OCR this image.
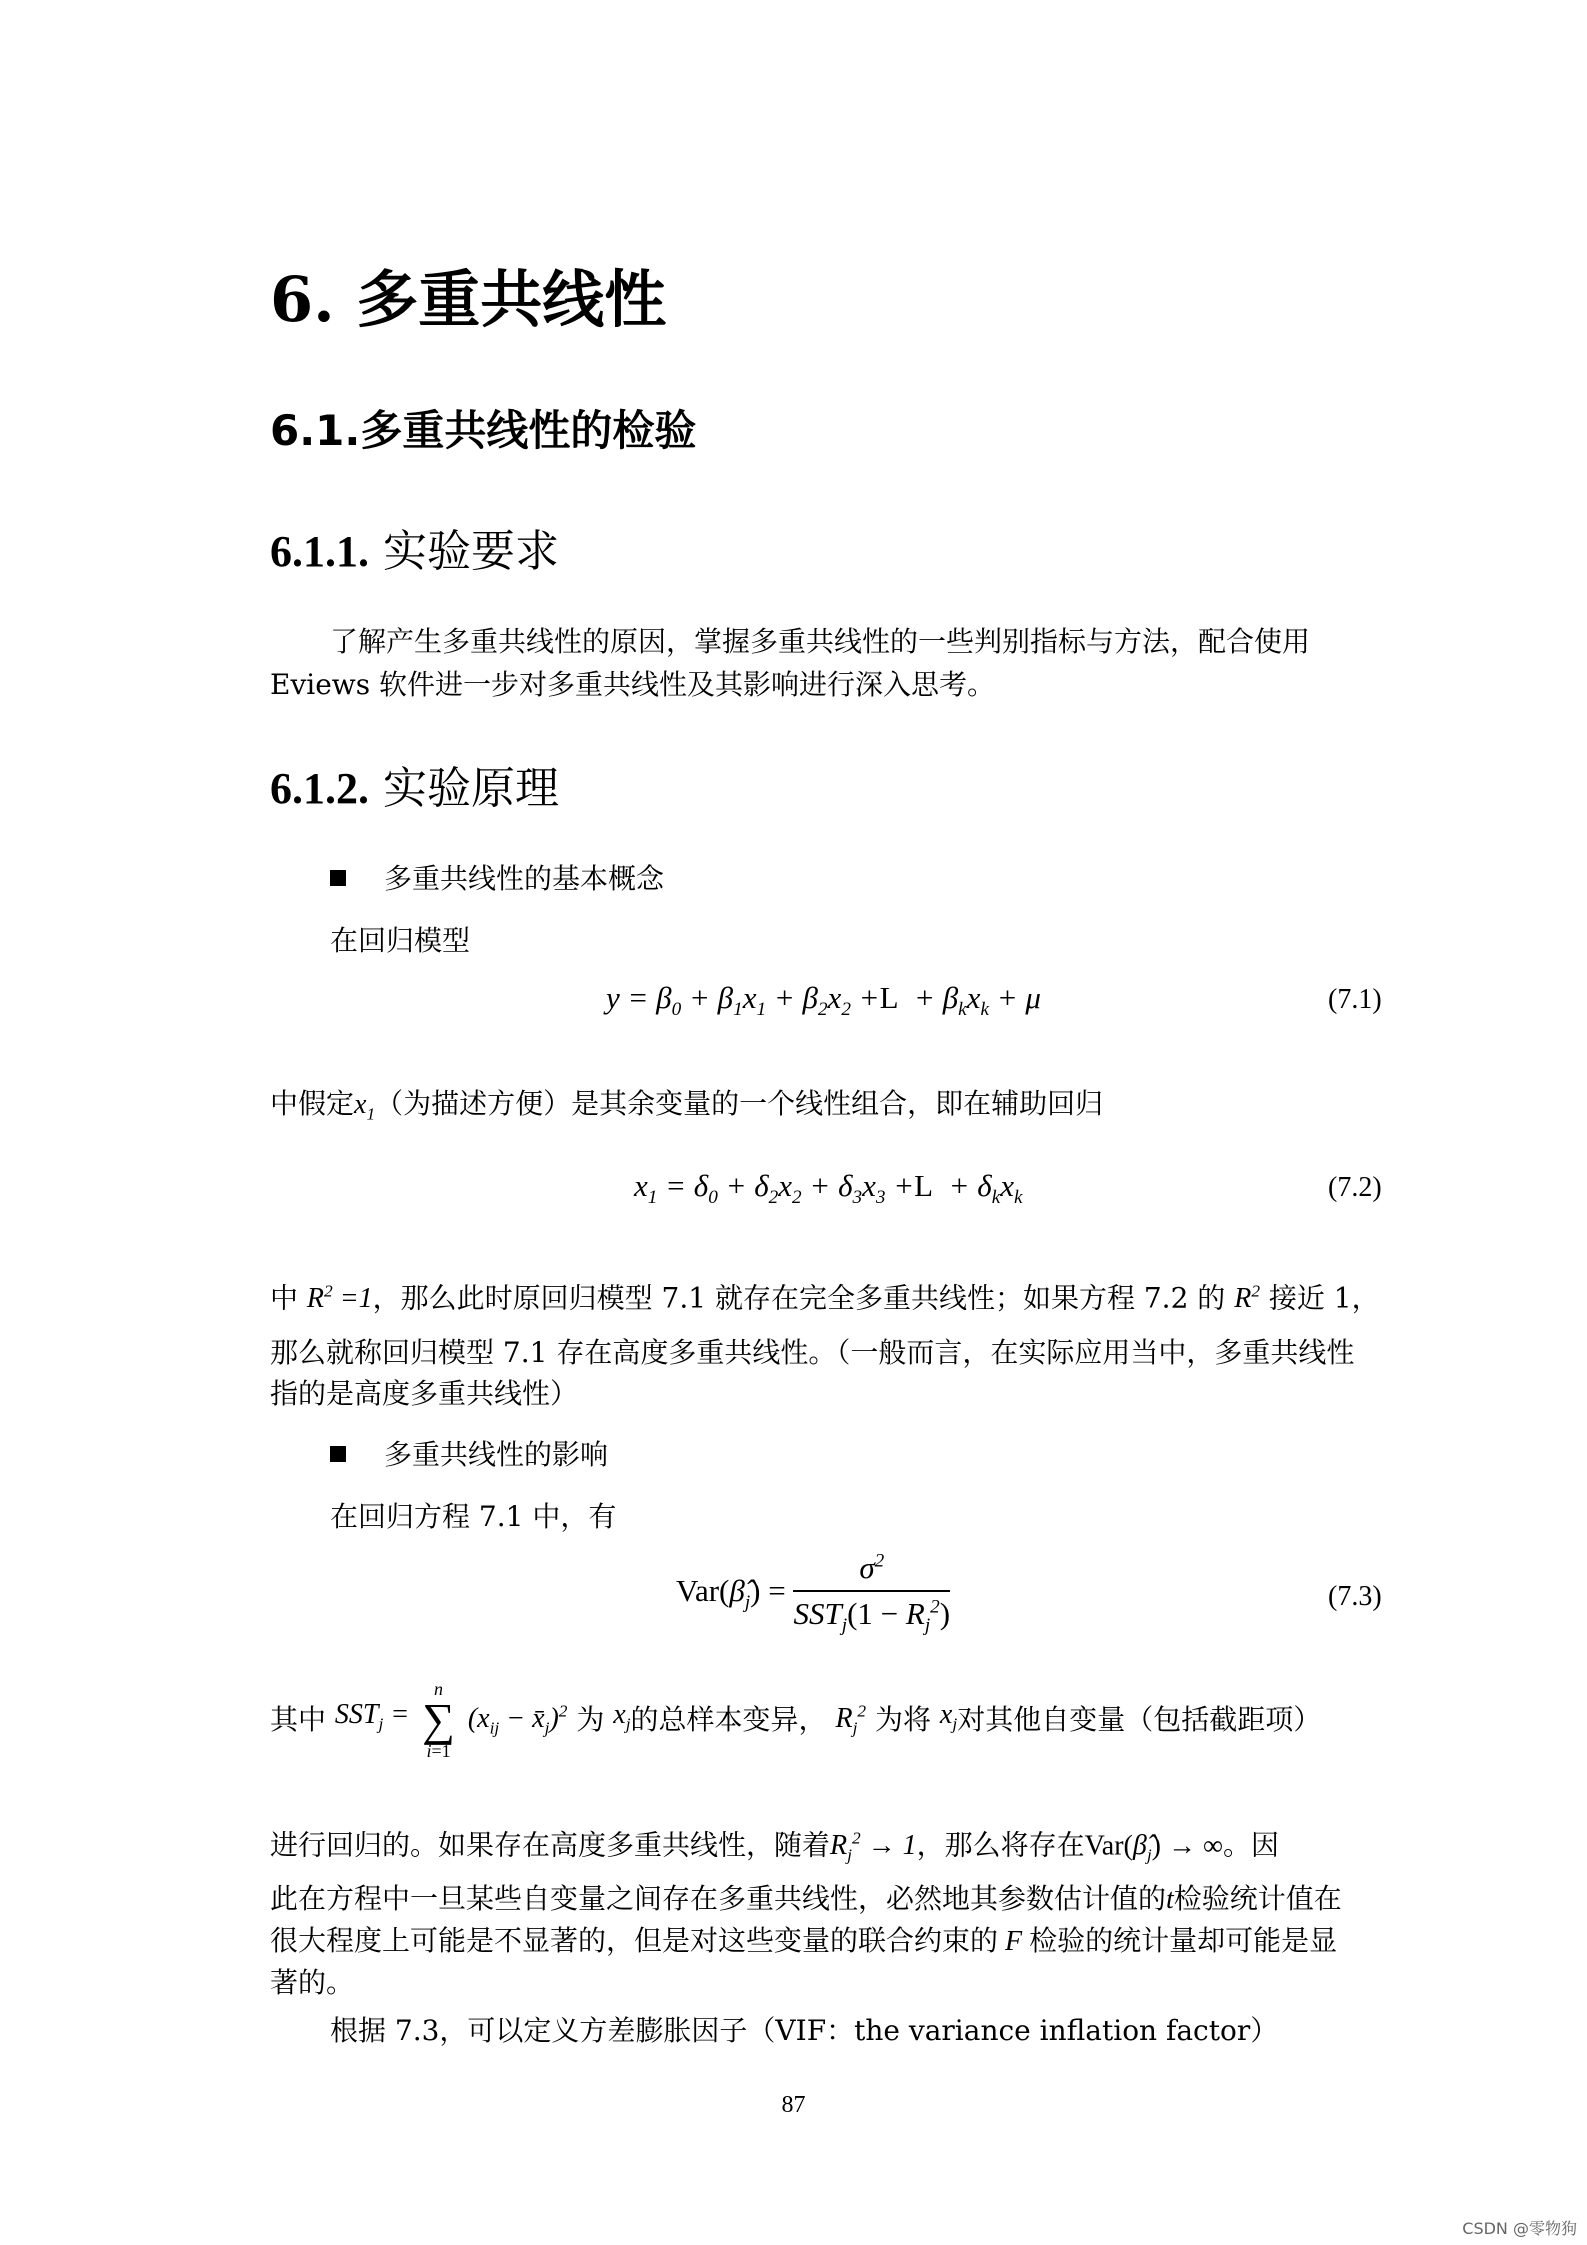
6. 多重共线性
6.1.多重共线性的检验
6.1.1. 实验要求
了解产生多重共线性的原因，掌握多重共线性的一些判别指标与方法，配合使用
Eviews 软件进一步对多重共线性及其影响进行深入思考。
6.1.2. 实验原理
多重共线性的基本概念
在回归模型
$y = \beta_0 + \beta_1x_1 + \beta_2x_2 +L + \beta_kx_k + \mu$	(7.1)
中假定$x_1$（为描述方便）是其余变量的一个线性组合，即在辅助回归
$x_1 = \delta_0 + \delta_2x_2 + \delta_3x_3 +L + \delta_kx_k$	(7.2)
中 $R^2 =1$，那么此时原回归模型 7.1 就存在完全多重共线性；如果方程 7.2 的 $R^2$ 接近 1，
那么就称回归模型 7.1 存在高度多重共线性。（一般而言，在实际应用当中，多重共线性
指的是高度多重共线性）
多重共线性的影响
在回归方程 7.1 中，有
$Var(\betâ_j) = \frac{\sigma^2}{SST_j(1 - R_j^2)}$	(7.3)
其中 $SST_j = n$
∑
i=1 ($x_{ij}$ − $x̄_j)^2$ 为 $x_j$的总样本变异， $R_j^2$ 为将 $x_j$对其他自变量（包括截距项）
进行回归的。如果存在高度多重共线性，随着$R_j^2 \to 1$，那么将存在$Var(\betâ_j)$ → ∞。因
此在方程中一旦某些自变量之间存在多重共线性，必然地其参数估计值的t检验统计值在
很大程度上可能是不显著的，但是对这些变量的联合约束的 F 检验的统计量却可能是显
著的。
根据 7.3，可以定义方差膨胀因子（VIF：the variance inflation factor）
87
CSDN @零物狗
